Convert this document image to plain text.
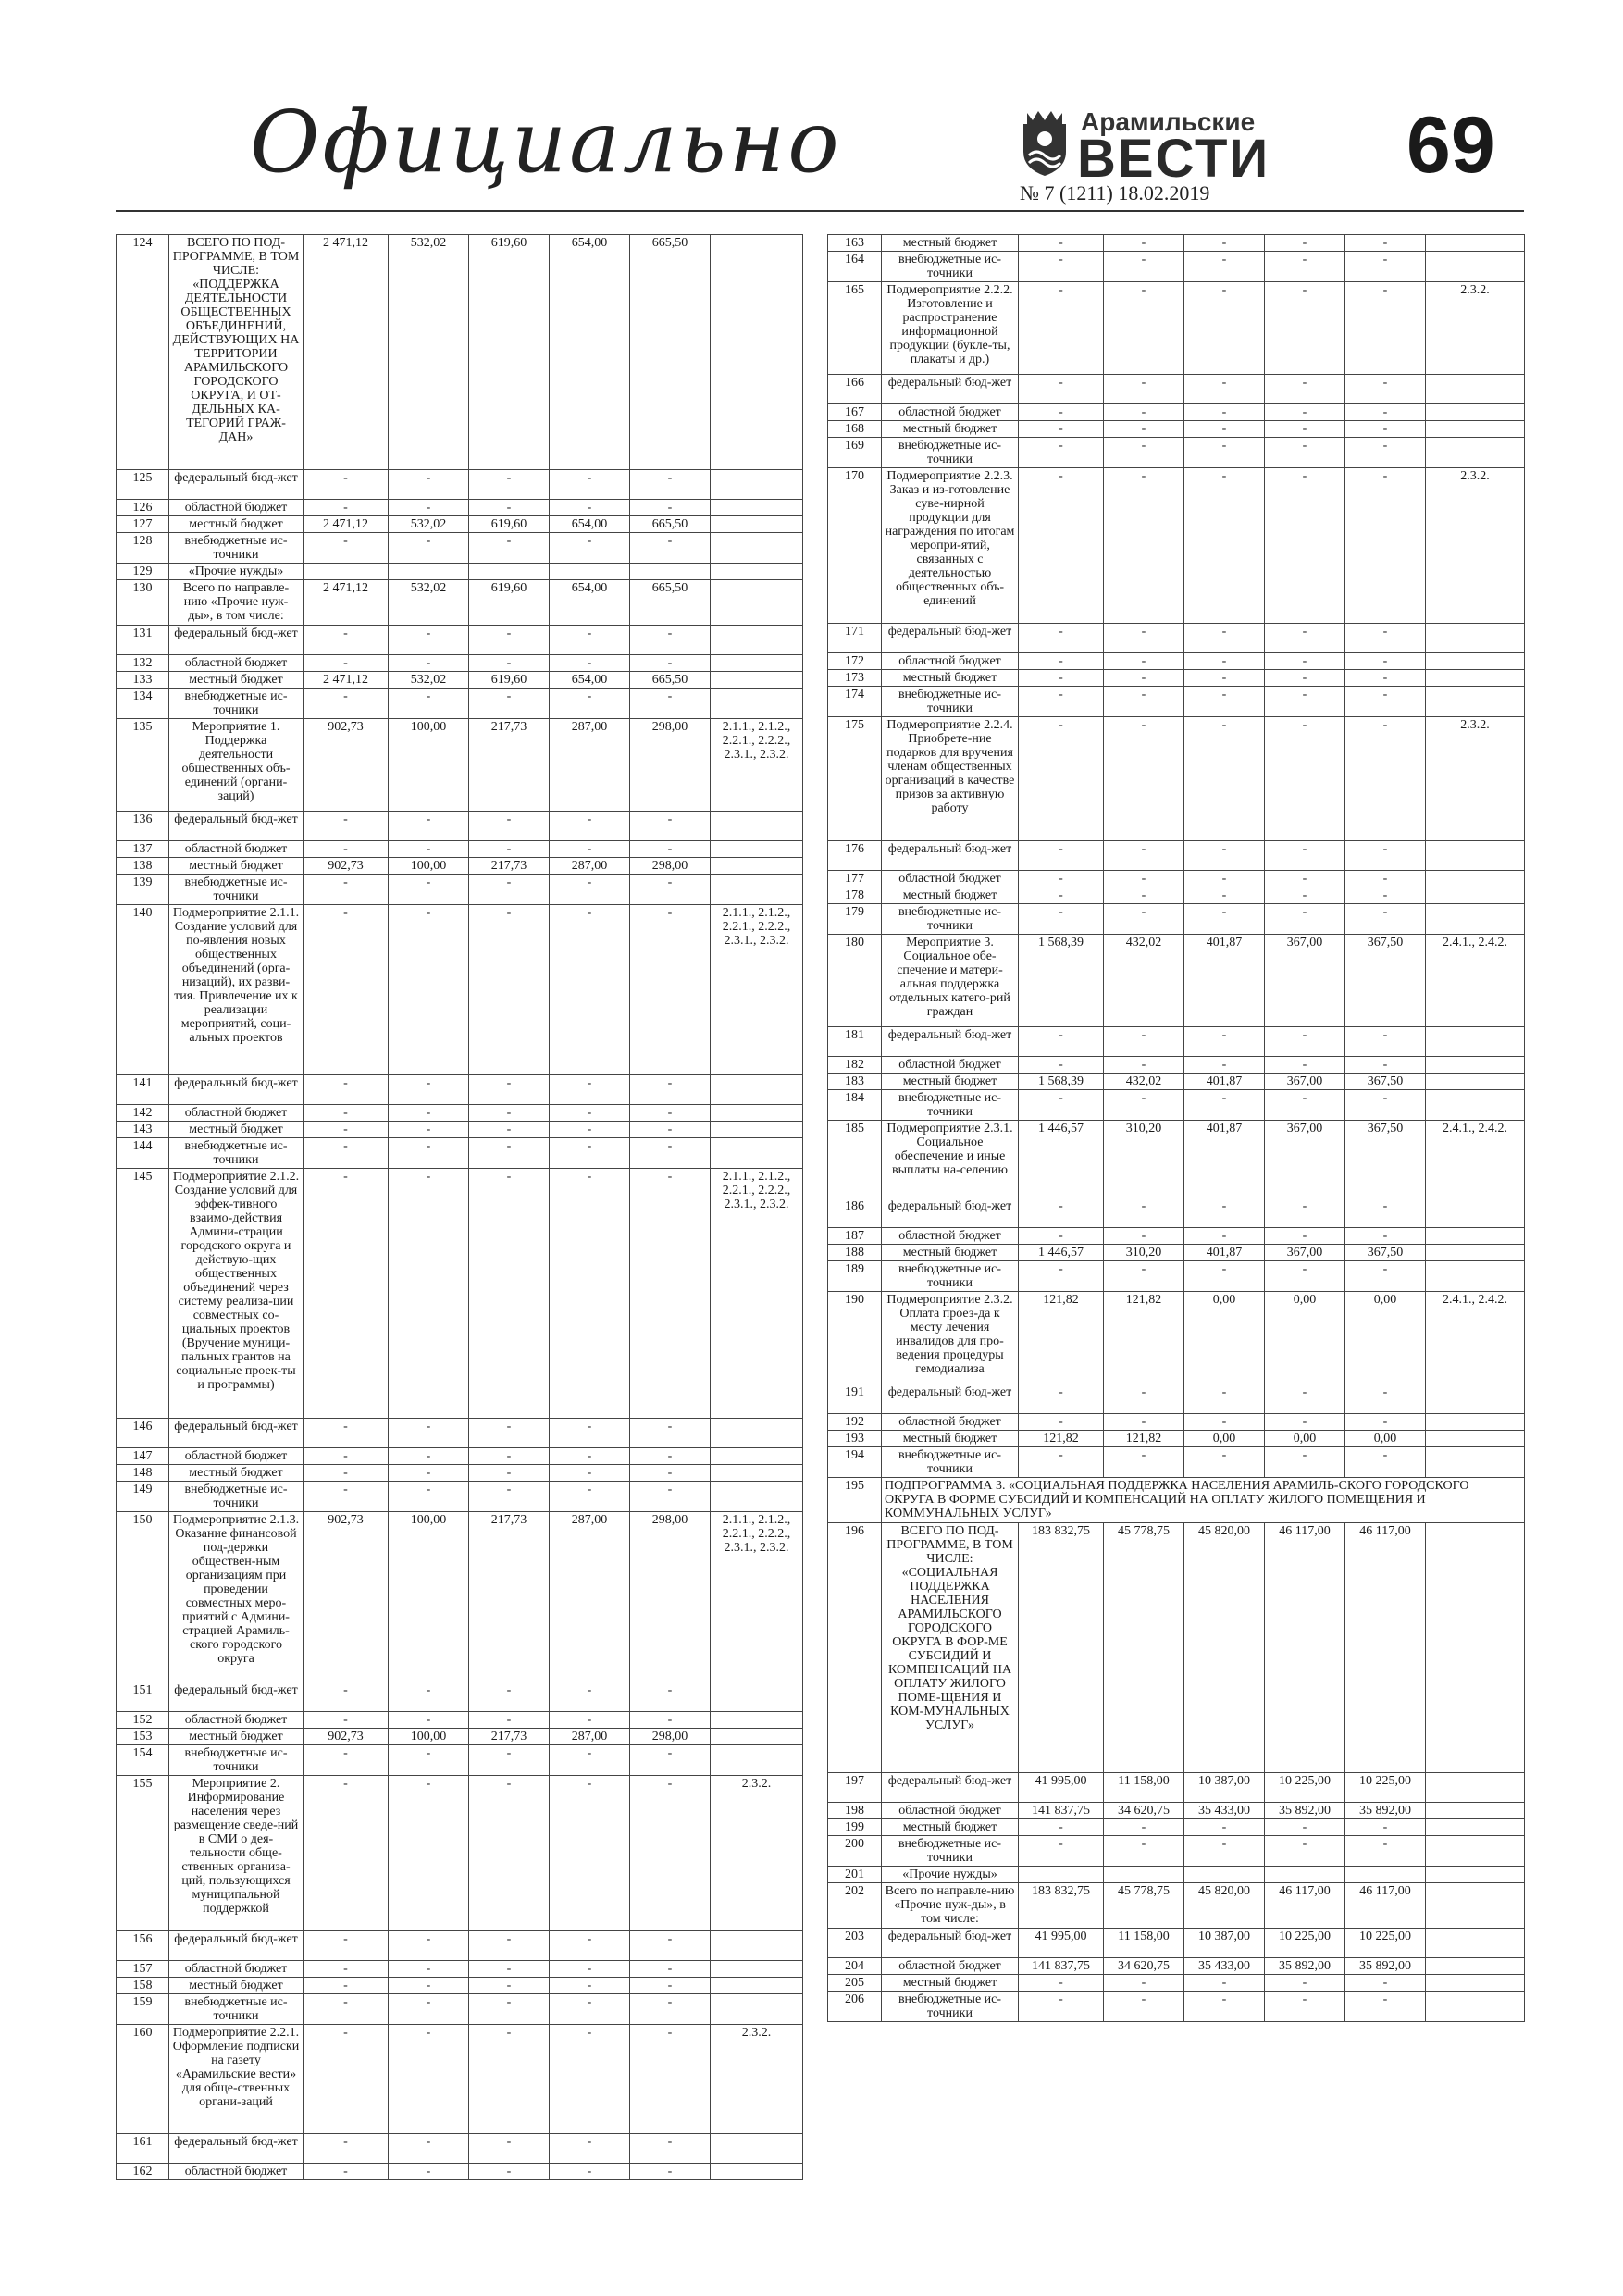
Официально	Арамильские
ВЕСТИ 69
№ 7 (1211) 18.02.2019
124	ВСЕГО ПО ПОД-ПРОГРАММЕ, В ТОМ ЧИСЛЕ: «ПОДДЕРЖКА ДЕЯТЕЛЬНОСТИ ОБЩЕСТВЕННЫХ ОБЪЕДИНЕНИЙ, ДЕЙСТВУЮЩИХ НА ТЕРРИТОРИИ АРАМИЛЬСКОГО ГОРОДСКОГО ОКРУГА, И ОТ-ДЕЛЬНЫХ КА-ТЕГОРИЙ ГРАЖ-ДАН»	2 471,12	532,02	619,60	654,00	665,50	
125	федеральный бюд-жет	-	-	-	-	-	
126	областной бюджет	-	-	-	-	-	
127	местный бюджет	2 471,12	532,02	619,60	654,00	665,50	
128	внебюджетные ис-точники	-	-	-	-	-	
129	«Прочие нужды»						
130	Всего по направле-нию «Прочие нуж-ды», в том числе:	2 471,12	532,02	619,60	654,00	665,50	
131	федеральный бюд-жет	-	-	-	-	-	
132	областной бюджет	-	-	-	-	-	
133	местный бюджет	2 471,12	532,02	619,60	654,00	665,50	
134	внебюджетные ис-точники	-	-	-	-	-	
135	Мероприятие 1. Поддержка деятельности общественных объ-единений (органи-заций)	902,73	100,00	217,73	287,00	298,00	2.1.1., 2.1.2., 2.2.1., 2.2.2., 2.3.1., 2.3.2.
136	федеральный бюд-жет	-	-	-	-	-	
137	областной бюджет	-	-	-	-	-	
138	местный бюджет	902,73	100,00	217,73	287,00	298,00	
139	внебюджетные ис-точники	-	-	-	-	-	
140	Подмероприятие 2.1.1. Создание условий для по-явления новых общественных объединений (орга-низаций), их разви-тия. Привлечение их к реализации мероприятий, соци-альных проектов	-	-	-	-	-	2.1.1., 2.1.2., 2.2.1., 2.2.2., 2.3.1., 2.3.2.
141	федеральный бюд-жет	-	-	-	-	-	
142	областной бюджет	-	-	-	-	-	
143	местный бюджет	-	-	-	-	-	
144	внебюджетные ис-точники	-	-	-	-	-	
145	Подмероприятие 2.1.2. Создание условий для эффек-тивного взаимо-действия Админи-страции городского округа и действую-щих общественных объединений через систему реализа-ции совместных со-циальных проектов (Вручение муници-пальных грантов на социальные проек-ты и программы)	-	-	-	-	-	2.1.1., 2.1.2., 2.2.1., 2.2.2., 2.3.1., 2.3.2.
146	федеральный бюд-жет	-	-	-	-	-	
147	областной бюджет	-	-	-	-	-	
148	местный бюджет	-	-	-	-	-	
149	внебюджетные ис-точники	-	-	-	-	-	
150	Подмероприятие 2.1.3. Оказание финансовой под-держки обществен-ным организациям при проведении совместных меро-приятий с Админи-страцией Арамиль-ского городского округа	902,73	100,00	217,73	287,00	298,00	2.1.1., 2.1.2., 2.2.1., 2.2.2., 2.3.1., 2.3.2.
151	федеральный бюд-жет	-	-	-	-	-	
152	областной бюджет	-	-	-	-	-	
153	местный бюджет	902,73	100,00	217,73	287,00	298,00	
154	внебюджетные ис-точники	-	-	-	-	-	
155	Мероприятие 2. Информирование населения через размещение сведе-ний в СМИ о дея-тельности обще-ственных организа-ций, пользующихся муниципальной поддержкой	-	-	-	-	-	2.3.2.
156	федеральный бюд-жет	-	-	-	-	-	
157	областной бюджет	-	-	-	-	-	
158	местный бюджет	-	-	-	-	-	
159	внебюджетные ис-точники	-	-	-	-	-	
160	Подмероприятие 2.2.1. Оформление подписки на газету «Арамильские вести» для обще-ственных органи-заций	-	-	-	-	-	2.3.2.
161	федеральный бюд-жет	-	-	-	-	-	
162	областной бюджет	-	-	-	-	-	
163	местный бюджет	-	-	-	-	-	
164	внебюджетные ис-точники	-	-	-	-	-	
165	Подмероприятие 2.2.2. Изготовление и распространение информационной продукции (букле-ты, плакаты и др.)	-	-	-	-	-	2.3.2.
166	федеральный бюд-жет	-	-	-	-	-	
167	областной бюджет	-	-	-	-	-	
168	местный бюджет	-	-	-	-	-	
169	внебюджетные ис-точники	-	-	-	-	-	
170	Подмероприятие 2.2.3. Заказ и из-готовление суве-нирной продукции для награждения по итогам меропри-ятий, связанных с деятельностью общественных объ-единений	-	-	-	-	-	2.3.2.
171	федеральный бюд-жет	-	-	-	-	-	
172	областной бюджет	-	-	-	-	-	
173	местный бюджет	-	-	-	-	-	
174	внебюджетные ис-точники	-	-	-	-	-	
175	Подмероприятие 2.2.4. Приобрете-ние подарков для вручения членам общественных организаций в качестве призов за активную работу	-	-	-	-	-	2.3.2.
176	федеральный бюд-жет	-	-	-	-	-	
177	областной бюджет	-	-	-	-	-	
178	местный бюджет	-	-	-	-	-	
179	внебюджетные ис-точники	-	-	-	-	-	
180	Мероприятие 3. Социальное обе-спечение и матери-альная поддержка отдельных катего-рий граждан	1 568,39	432,02	401,87	367,00	367,50	2.4.1., 2.4.2.
181	федеральный бюд-жет	-	-	-	-	-	
182	областной бюджет	-	-	-	-	-	
183	местный бюджет	1 568,39	432,02	401,87	367,00	367,50	
184	внебюджетные ис-точники	-	-	-	-	-	
185	Подмероприятие 2.3.1. Социальное обеспечение и иные выплаты на-селению	1 446,57	310,20	401,87	367,00	367,50	2.4.1., 2.4.2.
186	федеральный бюд-жет	-	-	-	-	-	
187	областной бюджет	-	-	-	-	-	
188	местный бюджет	1 446,57	310,20	401,87	367,00	367,50	
189	внебюджетные ис-точники	-	-	-	-	-	
190	Подмероприятие 2.3.2. Оплата проез-да к месту лечения инвалидов для про-ведения процедуры гемодиализа	121,82	121,82	0,00	0,00	0,00	2.4.1., 2.4.2.
191	федеральный бюд-жет	-	-	-	-	-	
192	областной бюджет	-	-	-	-	-	
193	местный бюджет	121,82	121,82	0,00	0,00	0,00	
194	внебюджетные ис-точники	-	-	-	-	-	
195	ПОДПРОГРАММА 3. «СОЦИАЛЬНАЯ ПОДДЕРЖКА НАСЕЛЕНИЯ АРАМИЛЬ-СКОГО ГОРОДСКОГО ОКРУГА В ФОРМЕ СУБСИДИЙ И КОМПЕНСАЦИЙ НА ОПЛАТУ ЖИЛОГО ПОМЕЩЕНИЯ И КОММУНАЛЬНЫХ УСЛУГ»						
196	ВСЕГО ПО ПОД-ПРОГРАММЕ, В ТОМ ЧИСЛЕ: «СОЦИАЛЬНАЯ ПОДДЕРЖКА НАСЕЛЕНИЯ АРАМИЛЬСКОГО ГОРОДСКОГО ОКРУГА В ФОР-МЕ СУБСИДИЙ И КОМПЕНСАЦИЙ НА ОПЛАТУ ЖИЛОГО ПОМЕ-ЩЕНИЯ И КОМ-МУНАЛЬНЫХ УСЛУГ»	183 832,75	45 778,75	45 820,00	46 117,00	46 117,00	
197	федеральный бюд-жет	41 995,00	11 158,00	10 387,00	10 225,00	10 225,00	
198	областной бюджет	141 837,75	34 620,75	35 433,00	35 892,00	35 892,00	
199	местный бюджет	-	-	-	-	-	
200	внебюджетные ис-точники	-	-	-	-	-	
201	«Прочие нужды»						
202	Всего по направле-нию «Прочие нуж-ды», в том числе:	183 832,75	45 778,75	45 820,00	46 117,00	46 117,00	
203	федеральный бюд-жет	41 995,00	11 158,00	10 387,00	10 225,00	10 225,00	
204	областной бюджет	141 837,75	34 620,75	35 433,00	35 892,00	35 892,00	
205	местный бюджет	-	-	-	-	-	
206	внебюджетные ис-точники	-	-	-	-	-	
